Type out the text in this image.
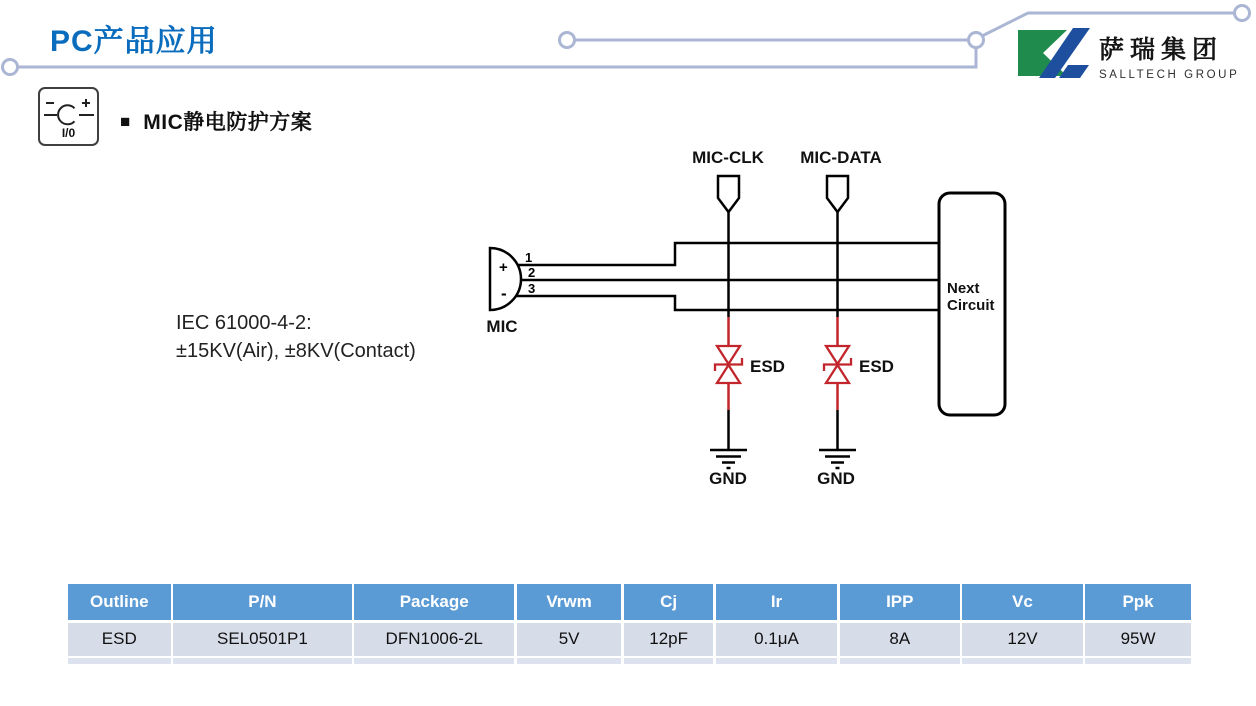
PC产品应用	萨瑞集团
SALLTECH GROUP
I/0
■ MIC静电防护方案
IEC 61000-4-2:
±15KV(Air), ±8KV(Contact)
+
-
1
2
3
MIC-CLK MIC-DATA
ESD	ESD
GND	GND
MIC
Next
Circuit
Outline	P/N	Package	Vrwm	Cj	Ir	IPP	Vc	Ppk
ESD	SEL0501P1	DFN1006-2L	5V	12pF	0.1μA	8A	12V	95W
